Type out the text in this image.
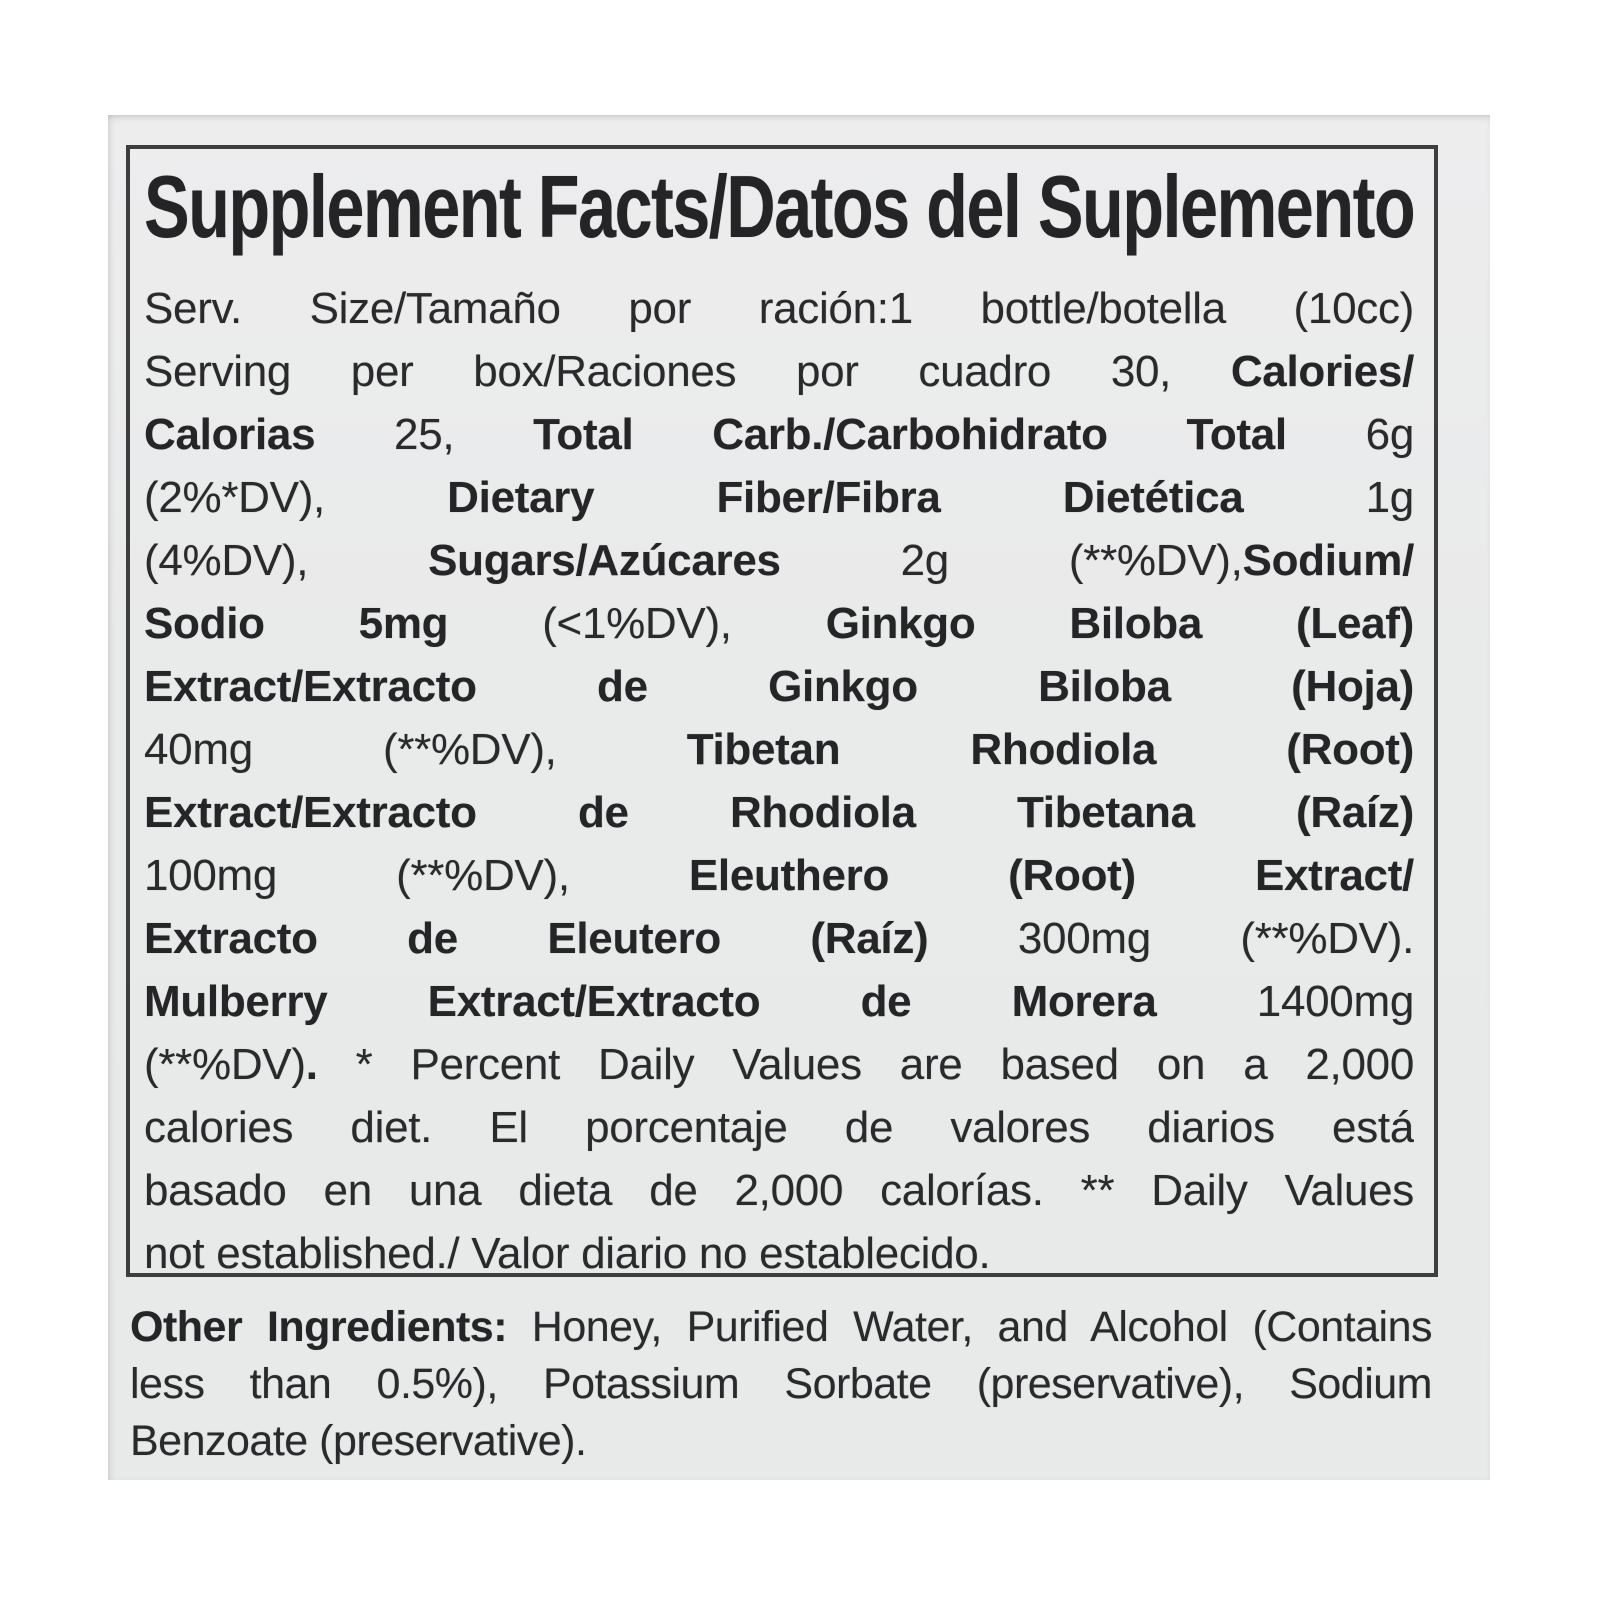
Supplement Facts/Datos del Suplemento
Serv. Size/Tamaño por ración:1 bottle/botella (10cc)
Serving per box/Raciones por cuadro 30, Calories/
Calorias 25, Total Carb./Carbohidrato Total 6g
(2%*DV), Dietary Fiber/Fibra Dietética 1g
(4%DV), Sugars/Azúcares 2g (**%DV),Sodium/
Sodio 5mg (<1%DV), Ginkgo Biloba (Leaf)
Extract/Extracto de Ginkgo Biloba (Hoja)
40mg (**%DV), Tibetan Rhodiola (Root)
Extract/Extracto de Rhodiola Tibetana (Raíz)
100mg (**%DV), Eleuthero (Root) Extract/
Extracto de Eleutero (Raíz) 300mg (**%DV).
Mulberry Extract/Extracto de Morera 1400mg
(**%DV). * Percent Daily Values are based on a 2,000
calories diet. El porcentaje de valores diarios está
basado en una dieta de 2,000 calorías. ** Daily Values
not established./ Valor diario no establecido.
Other Ingredients: Honey, Purified Water, and Alcohol (Contains
less than 0.5%), Potassium Sorbate (preservative), Sodium
Benzoate (preservative).
